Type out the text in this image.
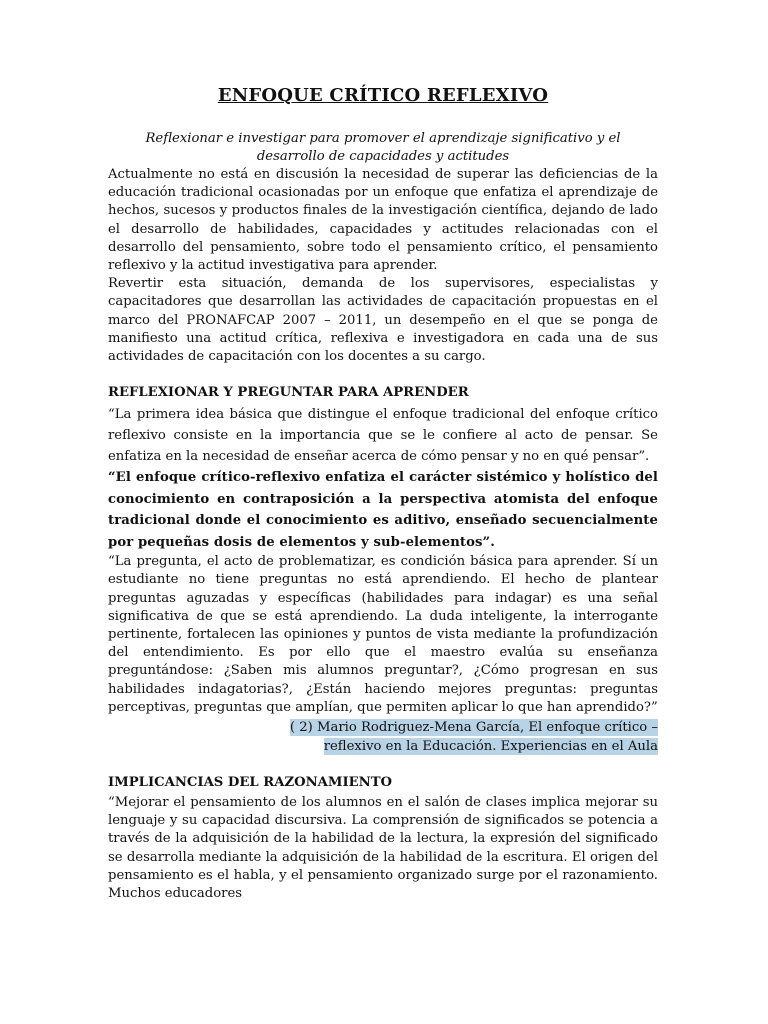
ENFOQUE CRÍTICO REFLEXIVO
Reflexionar e investigar para promover el aprendizaje significativo y el desarrollo de capacidades y actitudes

Actualmente no está en discusión la necesidad de superar las deficiencias de la educación tradicional ocasionadas por un enfoque que enfatiza el aprendizaje de hechos, sucesos y productos finales de la investigación científica, dejando de lado el desarrollo de habilidades, capacidades y actitudes relacionadas con el desarrollo del pensamiento, sobre todo el pensamiento crítico, el pensamiento reflexivo y la actitud investigativa para aprender.

Revertir esta situación, demanda de los supervisores, especialistas y capacitadores que desarrollan las actividades de capacitación propuestas en el marco del PRONAFCAP 2007 – 2011, un desempeño en el que se ponga de manifiesto una actitud crítica, reflexiva e investigadora en cada una de sus actividades de capacitación con los docentes a su cargo.

REFLEXIONAR Y PREGUNTAR PARA APRENDER

“La primera idea básica que distingue el enfoque tradicional del enfoque crítico reflexivo consiste en la importancia que se le confiere al acto de pensar. Se enfatiza en la necesidad de enseñar acerca de cómo pensar y no en qué pensar”.

“El enfoque crítico-reflexivo enfatiza el carácter sistémico y holístico del conocimiento en contraposición a la perspectiva atomista del enfoque tradicional donde el conocimiento es aditivo, enseñado secuencialmente por pequeñas dosis de elementos y sub-elementos”.

“La pregunta, el acto de problematizar, es condición básica para aprender. Sí un estudiante no tiene preguntas no está aprendiendo. El hecho de plantear preguntas aguzadas y específicas (habilidades para indagar) es una señal significativa de que se está aprendiendo. La duda inteligente, la interrogante pertinente, fortalecen las opiniones y puntos de vista mediante la profundización del entendimiento. Es por ello que el maestro evalúa su enseñanza preguntándose: ¿Saben mis alumnos preguntar?, ¿Cómo progresan en sus habilidades indagatorias?, ¿Están haciendo mejores preguntas: preguntas perceptivas, preguntas que amplían, que permiten aplicar lo que han aprendido?”

( 2) Mario Rodriguez-Mena García, El enfoque crítico –
reflexivo en la Educación. Experiencias en el Aula
IMPLICANCIAS DEL RAZONAMIENTO

“Mejorar el pensamiento de los alumnos en el salón de clases implica mejorar su lenguaje y su capacidad discursiva. La comprensión de significados se potencia a través de la adquisición de la habilidad de la lectura, la expresión del significado se desarrolla mediante la adquisición de la habilidad de la escritura. El origen del pensamiento es el habla, y el pensamiento organizado surge por el razonamiento. Muchos educadores
